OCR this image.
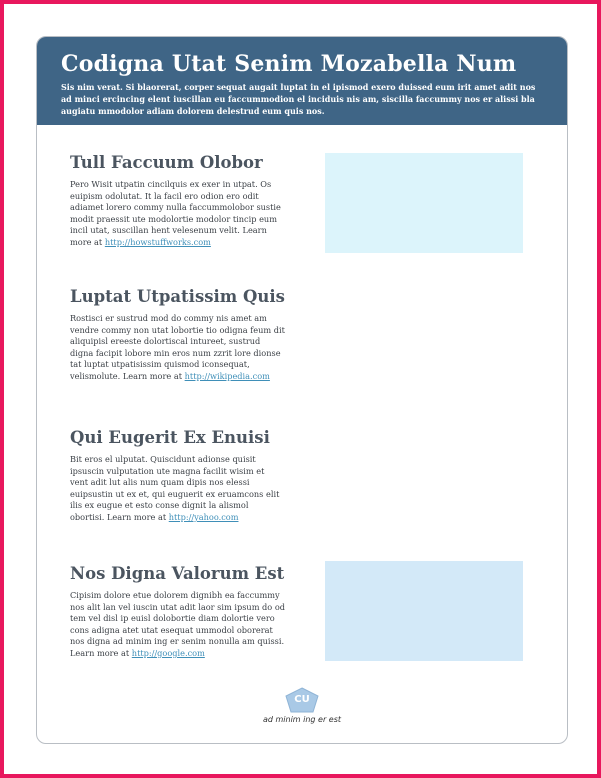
Codigna Utat Senim Mozabella Num

Sis nim verat. Si blaorerat, corper sequat augait luptat in el ipismod exero duissed eum irit amet adit nos ad minci ercincing elent iuscillan eu faccummodion el inciduis nis am, siscilla faccummy nos er alissi bla augiatu mmodolor adiam dolorem delestrud eum quis nos.

Tull Faccuum Olobor
Pero Wisit utpatin cincilquis ex exer in utpat. Os euipism odolutat. It la facil ero odion ero odit adiamet lorero commy nulla faccummolobor sustie modit praessit ute modolortie modolor tincip eum incil utat, suscillan hent velesenum velit. Learn more at http://howstuffworks.com
Luptat Utpatissim Quis
Rostisci er sustrud mod do commy nis amet am vendre commy non utat lobortie tio odigna feum dit aliquipisl ereeste dolortiscal intureet, sustrud digna facipit lobore min eros num zzrit lore dionse tat luptat utpatisissim quismod iconsequat, velismolute. Learn more at http://wikipedia.com
Qui Eugerit Ex Enuisi
Bit eros el ulputat. Quiscidunt adionse quisit ipsuscin vulputation ute magna facilit wisim et vent adit lut alis num quam dipis nos elessi euipsustin ut ex et, qui euguerit ex eruamcons elit ilis ex eugue et esto conse dignit la alismol obortisi. Learn more at http://yahoo.com
Nos Digna Valorum Est
Cipisim dolore etue dolorem dignibh ea faccummy nos alit lan vel iuscin utat adit laor sim ipsum do od tem vel disl ip euisl dolobortie diam dolortie vero cons adigna atet utat esequat ummodol oborerat nos digna ad minim ing er senim nonulla am quissi. Learn more at http://google.com
CU
ad minim ing er est
